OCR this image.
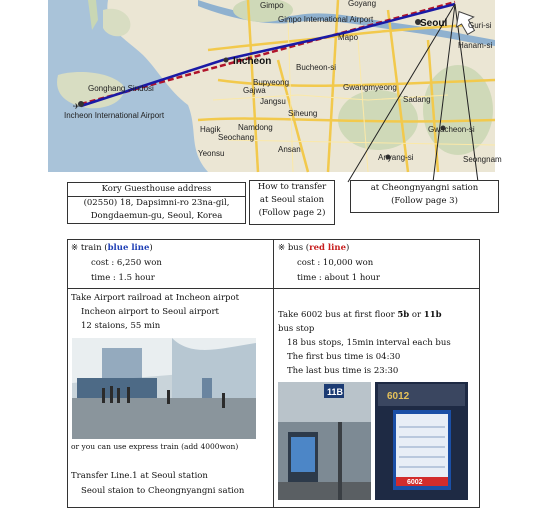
✈
Gonghang Sindosi
Incheon International Airport
Gimpo International Airport
Incheon
Seoul
Bucheon-si
Goyang
Gimpo
Guri-si
Hanam-si
Siheung
Ansan
Gwangmyeong
Anyang-si
Gwacheon-si
Seongnam
Yeonsu
Namdong
Bupyeong
Sadang
Hagik
Seochang
Jangsu
Gajwa
Mapo
Kory Guesthouse address
(02550) 18, Dapsimni-ro 23na-gil,
Dongdaemun-gu, Seoul, Korea
How to transfer
at Seoul staion
(Follow page 2)
at Cheongnyangni sation
(Follow page 3)
※ train (blue line)
cost : 6,250 won
time : 1.5 hour
※ bus (red line)
cost : 10,000 won
time : about 1 hour
Take Airport railroad at Incheon airpot
Incheon airport to Seoul airport
12 staions, 55 min
or you can use express train (add 4000won)
Transfer Line.1 at Seoul station
Seoul staion to Cheongnyangni sation
Take 6002 bus at first floor 5b or 11b
bus stop
18 bus stops, 15min interval each bus
The first bus time is 04:30
The last bus time is 23:30
11B	6012
6002
